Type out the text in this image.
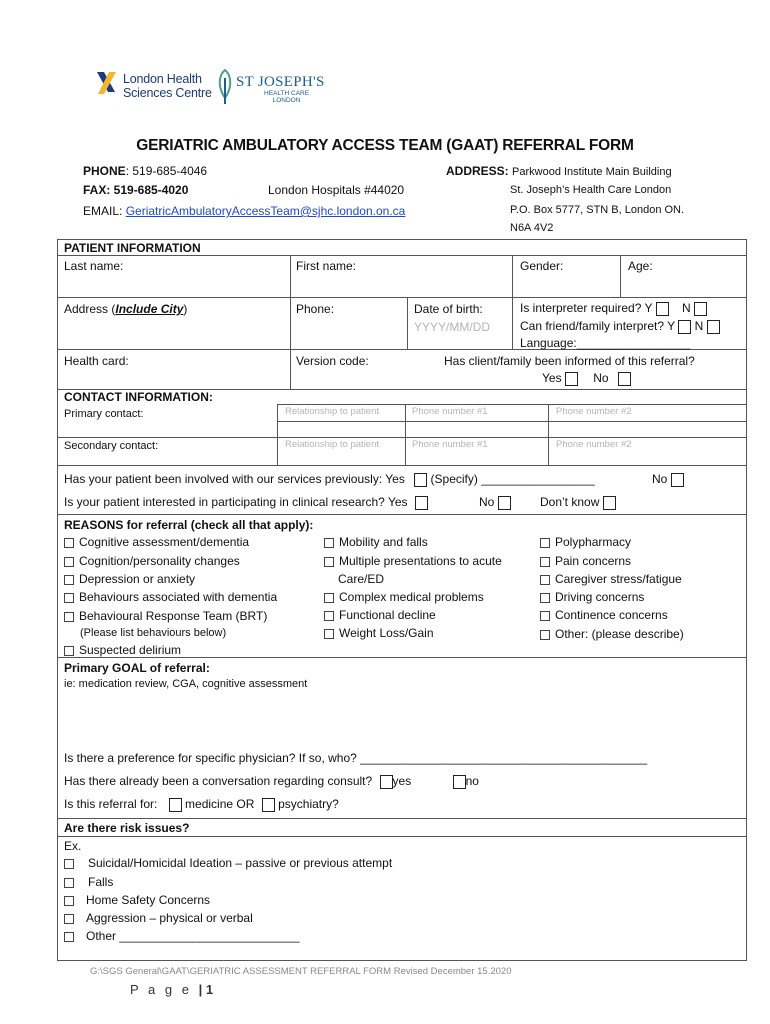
London Health
Sciences Centre
ST JOSEPH'S
HEALTH CARE
LONDON
GERIATRIC AMBULATORY ACCESS TEAM (GAAT) REFERRAL FORM
PHONE: 519-685-4046
FAX: 519-685-4020	London Hospitals #44020
EMAIL: GeriatricAmbulatoryAccessTeam@sjhc.london.on.ca
ADDRESS: Parkwood Institute Main Building
St. Joseph’s Health Care London
P.O. Box 5777, STN B, London ON.
N6A 4V2
PATIENT INFORMATION
Last name:	First name:	Gender:	Age:
Address (Include City)	Phone:	Date of birth:
YYYY/MM/DD
Is interpreter required? Y N
Can friend/family interpret? Y N
Language:_________________
Health card:	Version code:	Has client/family been informed of this referral?
Yes	No
CONTACT INFORMATION:
Primary contact:	Relationship to patient	Phone number #1	Phone number #2
Secondary contact:	Relationship to patient	Phone number #1	Phone number #2
Has your patient been involved with our services previously: Yes (Specify) _________________	No
Is your patient interested in participating in clinical research? Yes	No	Don’t know
REASONS for referral (check all that apply):
Cognitive assessment/dementia
Cognition/personality changes
Depression or anxiety
Behaviours associated with dementia
Behavioural Response Team (BRT)
(Please list behaviours below)
Suspected delirium
Mobility and falls
Multiple presentations to acute
Care/ED
Complex medical problems
Functional decline
Weight Loss/Gain
Polypharmacy
Pain concerns
Caregiver stress/fatigue
Driving concerns
Continence concerns
Other: (please describe)
Primary GOAL of referral:
ie: medication review, CGA, cognitive assessment
Is there a preference for specific physician? If so, who? ___________________________________________
Has there already been a conversation regarding consult? yes	no
Is this referral for: medicine OR psychiatry?
Are there risk issues?
Ex.
Suicidal/Homicidal Ideation – passive or previous attempt
Falls
Home Safety Concerns
Aggression – physical or verbal
Other ___________________________
G:\SGS General\GAAT\GERIATRIC ASSESSMENT REFERRAL FORM Revised December 15.2020
P a g e | 1
